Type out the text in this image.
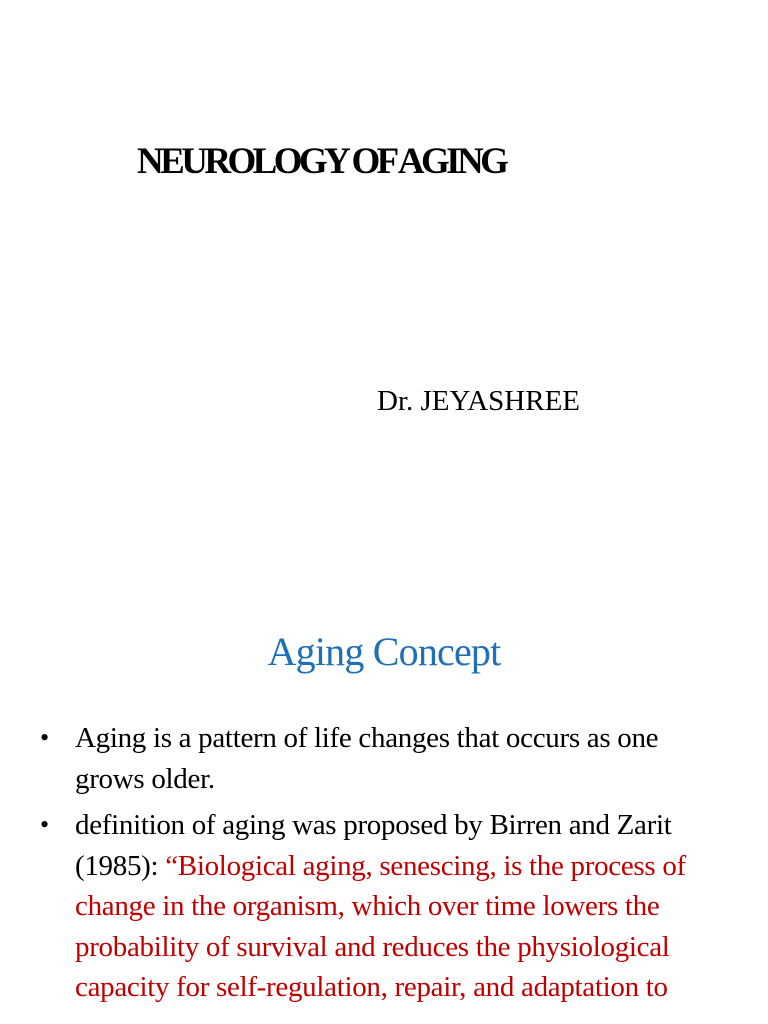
NEUROLOGY OF AGING
Dr. JEYASHREE
Aging Concept
• Aging is a pattern of life changes that occurs as one grows older.
• definition of aging was proposed by Birren and Zarit (1985): “Biological aging, senescing, is the process of change in the organism, which over time lowers the probability of survival and reduces the physiological capacity for self-regulation, repair, and adaptation to
